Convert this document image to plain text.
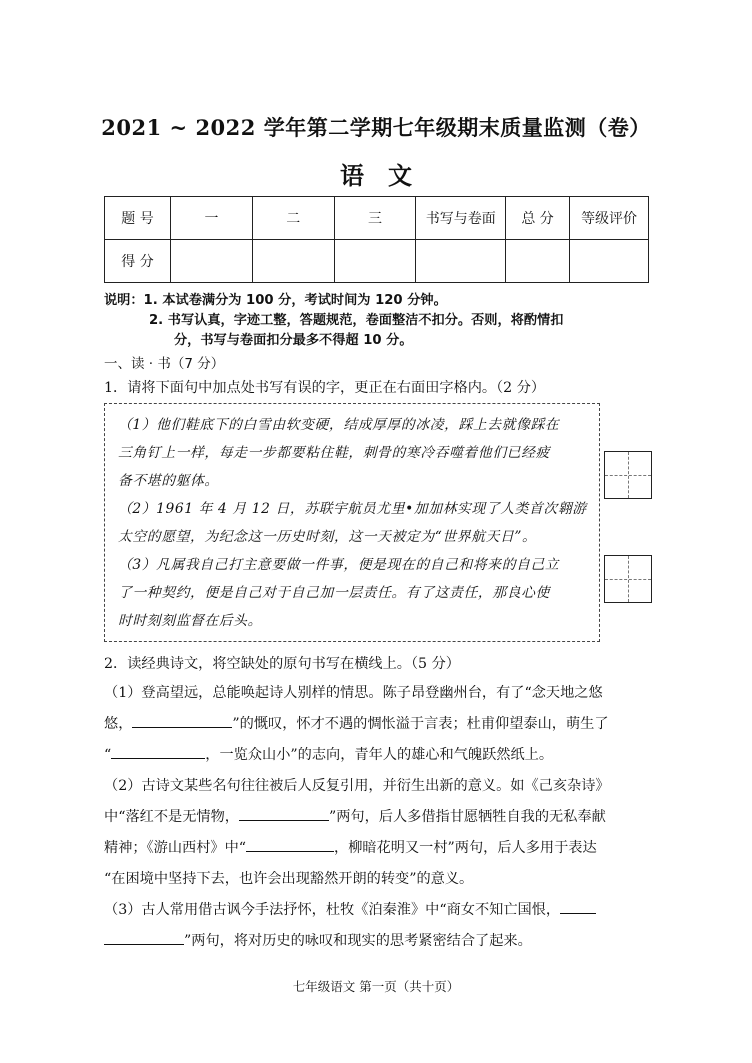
2021 ~ 2022 学年第二学期七年级期末质量监测（卷）
语文
题 号	一	二	三	书写与卷面	总 分	等级评价
得 分						
说明：1. 本试卷满分为 100 分，考试时间为 120 分钟。
2. 书写认真，字迹工整，答题规范，卷面整洁不扣分。否则，将酌情扣
分，书写与卷面扣分最多不得超 10 分。
一、读 · 书（7 分）
1．请将下面句中加点处书写有误的字，更正在右面田字格内。（2 分）
（1）他们鞋底下的白雪由软变硬，结成厚厚的冰凌，踩上去就像踩在
三角钉上一样，每走一步都要粘住鞋，刺骨的寒冷吞噬着他们已经疲
备不堪的躯体。
（2）1961 年 4 月 12 日，苏联宇航员尤里•加加林实现了人类首次翱游
太空的愿望，为纪念这一历史时刻，这一天被定为“世界航天日”。
（3）凡属我自己打主意要做一件事，便是现在的自己和将来的自己立
了一种契约，便是自己对于自己加一层责任。有了这责任，那良心使
时时刻刻监督在后头。
2．读经典诗文，将空缺处的原句书写在横线上。（5 分）
（1）登高望远，总能唤起诗人别样的情思。陈子昂登幽州台，有了“念天地之悠
悠，	”的慨叹，怀才不遇的惆怅溢于言表；杜甫仰望泰山，萌生了
“	，一览众山小”的志向，青年人的雄心和气魄跃然纸上。
（2）古诗文某些名句往往被后人反复引用，并衍生出新的意义。如《己亥杂诗》
中“落红不是无情物，	”两句，后人多借指甘愿牺牲自我的无私奉献
精神；《游山西村》中“	，柳暗花明又一村”两句，后人多用于表达
“在困境中坚持下去，也许会出现豁然开朗的转变”的意义。
（3）古人常用借古讽今手法抒怀，杜牧《泊秦淮》中“商女不知亡国恨，
”两句，将对历史的咏叹和现实的思考紧密结合了起来。
七年级语文 第一页（共十页）
